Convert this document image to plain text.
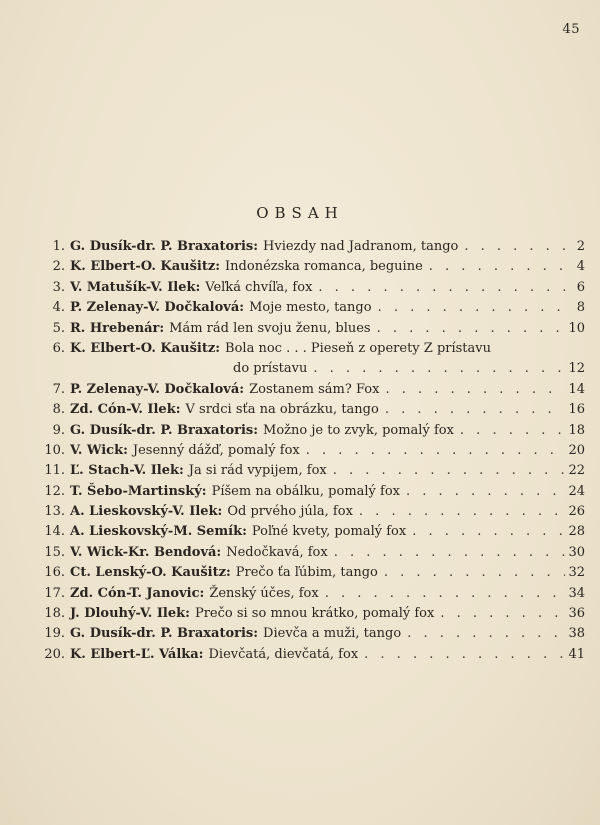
45
OBSAH
1. G. Dusík-dr. P. Braxatoris: Hviezdy nad Jadranom, tango . . .	2
2. K. Elbert-O. Kaušitz: Indonézska romanca, beguine . . .	4
3. V. Matušík-V. Ilek: Veľká chvíľa, fox . . .	6
4. P. Zelenay-V. Dočkalová: Moje mesto, tango . . .	8
5. R. Hrebenár: Mám rád len svoju ženu, blues . . .	10
6. K. Elbert-O. Kaušitz: Bola noc . . . Pieseň z operety Z prístavu
do prístavu . . .	12
7. P. Zelenay-V. Dočkalová: Zostanem sám? Fox . . .	14
8. Zd. Cón-V. Ilek: V srdci sťa na obrázku, tango . . .	16
9. G. Dusík-dr. P. Braxatoris: Možno je to zvyk, pomalý fox . . .	18
10. V. Wick: Jesenný dážď, pomalý fox . . .	20
11. Ľ. Stach-V. Ilek: Ja si rád vypijem, fox . . .	22
12. T. Šebo-Martinský: Píšem na obálku, pomalý fox . . .	24
13. A. Lieskovský-V. Ilek: Od prvého júla, fox . . .	26
14. A. Lieskovský-M. Semík: Poľné kvety, pomalý fox . . .	28
15. V. Wick-Kr. Bendová: Nedočkavá, fox . . .	30
16. Ct. Lenský-O. Kaušitz: Prečo ťa ľúbim, tango . . .	32
17. Zd. Cón-T. Janovic: Ženský účes, fox . . .	34
18. J. Dlouhý-V. Ilek: Prečo si so mnou krátko, pomalý fox . . .	36
19. G. Dusík-dr. P. Braxatoris: Dievča a muži, tango . . .	38
20. K. Elbert-Ľ. Válka: Dievčatá, dievčatá, fox . . .	41
